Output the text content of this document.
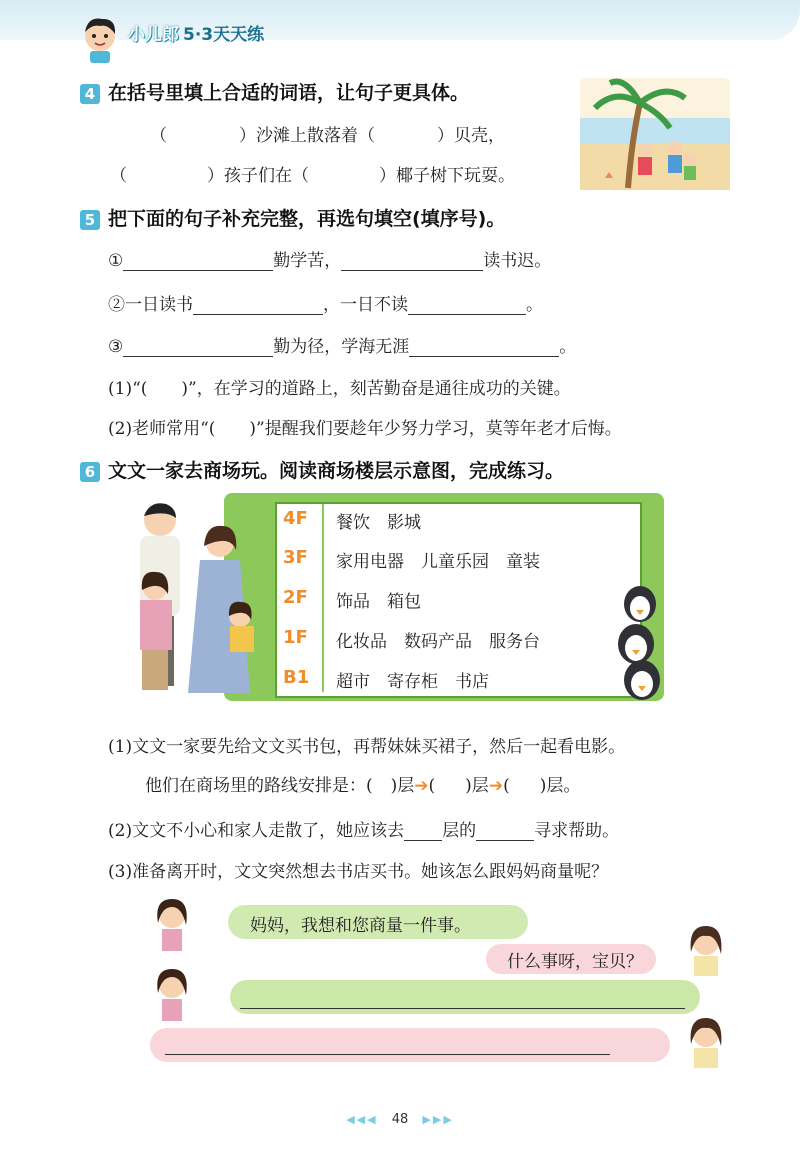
小儿郎 5·3天天练
4 在括号里填上合适的词语，让句子更具体。
（	）沙滩上散落着（	）贝壳，
（	）孩子们在（	）椰子树下玩耍。
5 把下面的句子补充完整，再选句填空(填序号)。
①	勤学苦，	读书迟。
②一日读书	，一日不读	。
③	勤为径，学海无涯	。
(1)“(　　)”，在学习的道路上，刻苦勤奋是通往成功的关键。
(2)老师常用“(　　)”提醒我们要趁年少努力学习，莫等年老才后悔。
6 文文一家去商场玩。阅读商场楼层示意图，完成练习。
4F 餐饮　影城
3F 家用电器　儿童乐园　童装
2F 饰品　箱包
1F 化妆品　数码产品　服务台
B1 超市　寄存柜　书店
(1)文文一家要先给文文买书包，再帮妹妹买裙子，然后一起看电影。
他们在商场里的路线安排是：( )层➔( )层➔( )层。
(2)文文不小心和家人走散了，她应该去 层的	寻求帮助。
(3)准备离开时，文文突然想去书店买书。她该怎么跟妈妈商量呢？
妈妈，我想和您商量一件事。
什么事呀，宝贝？
◀◀◀ 48 ▶▶▶
